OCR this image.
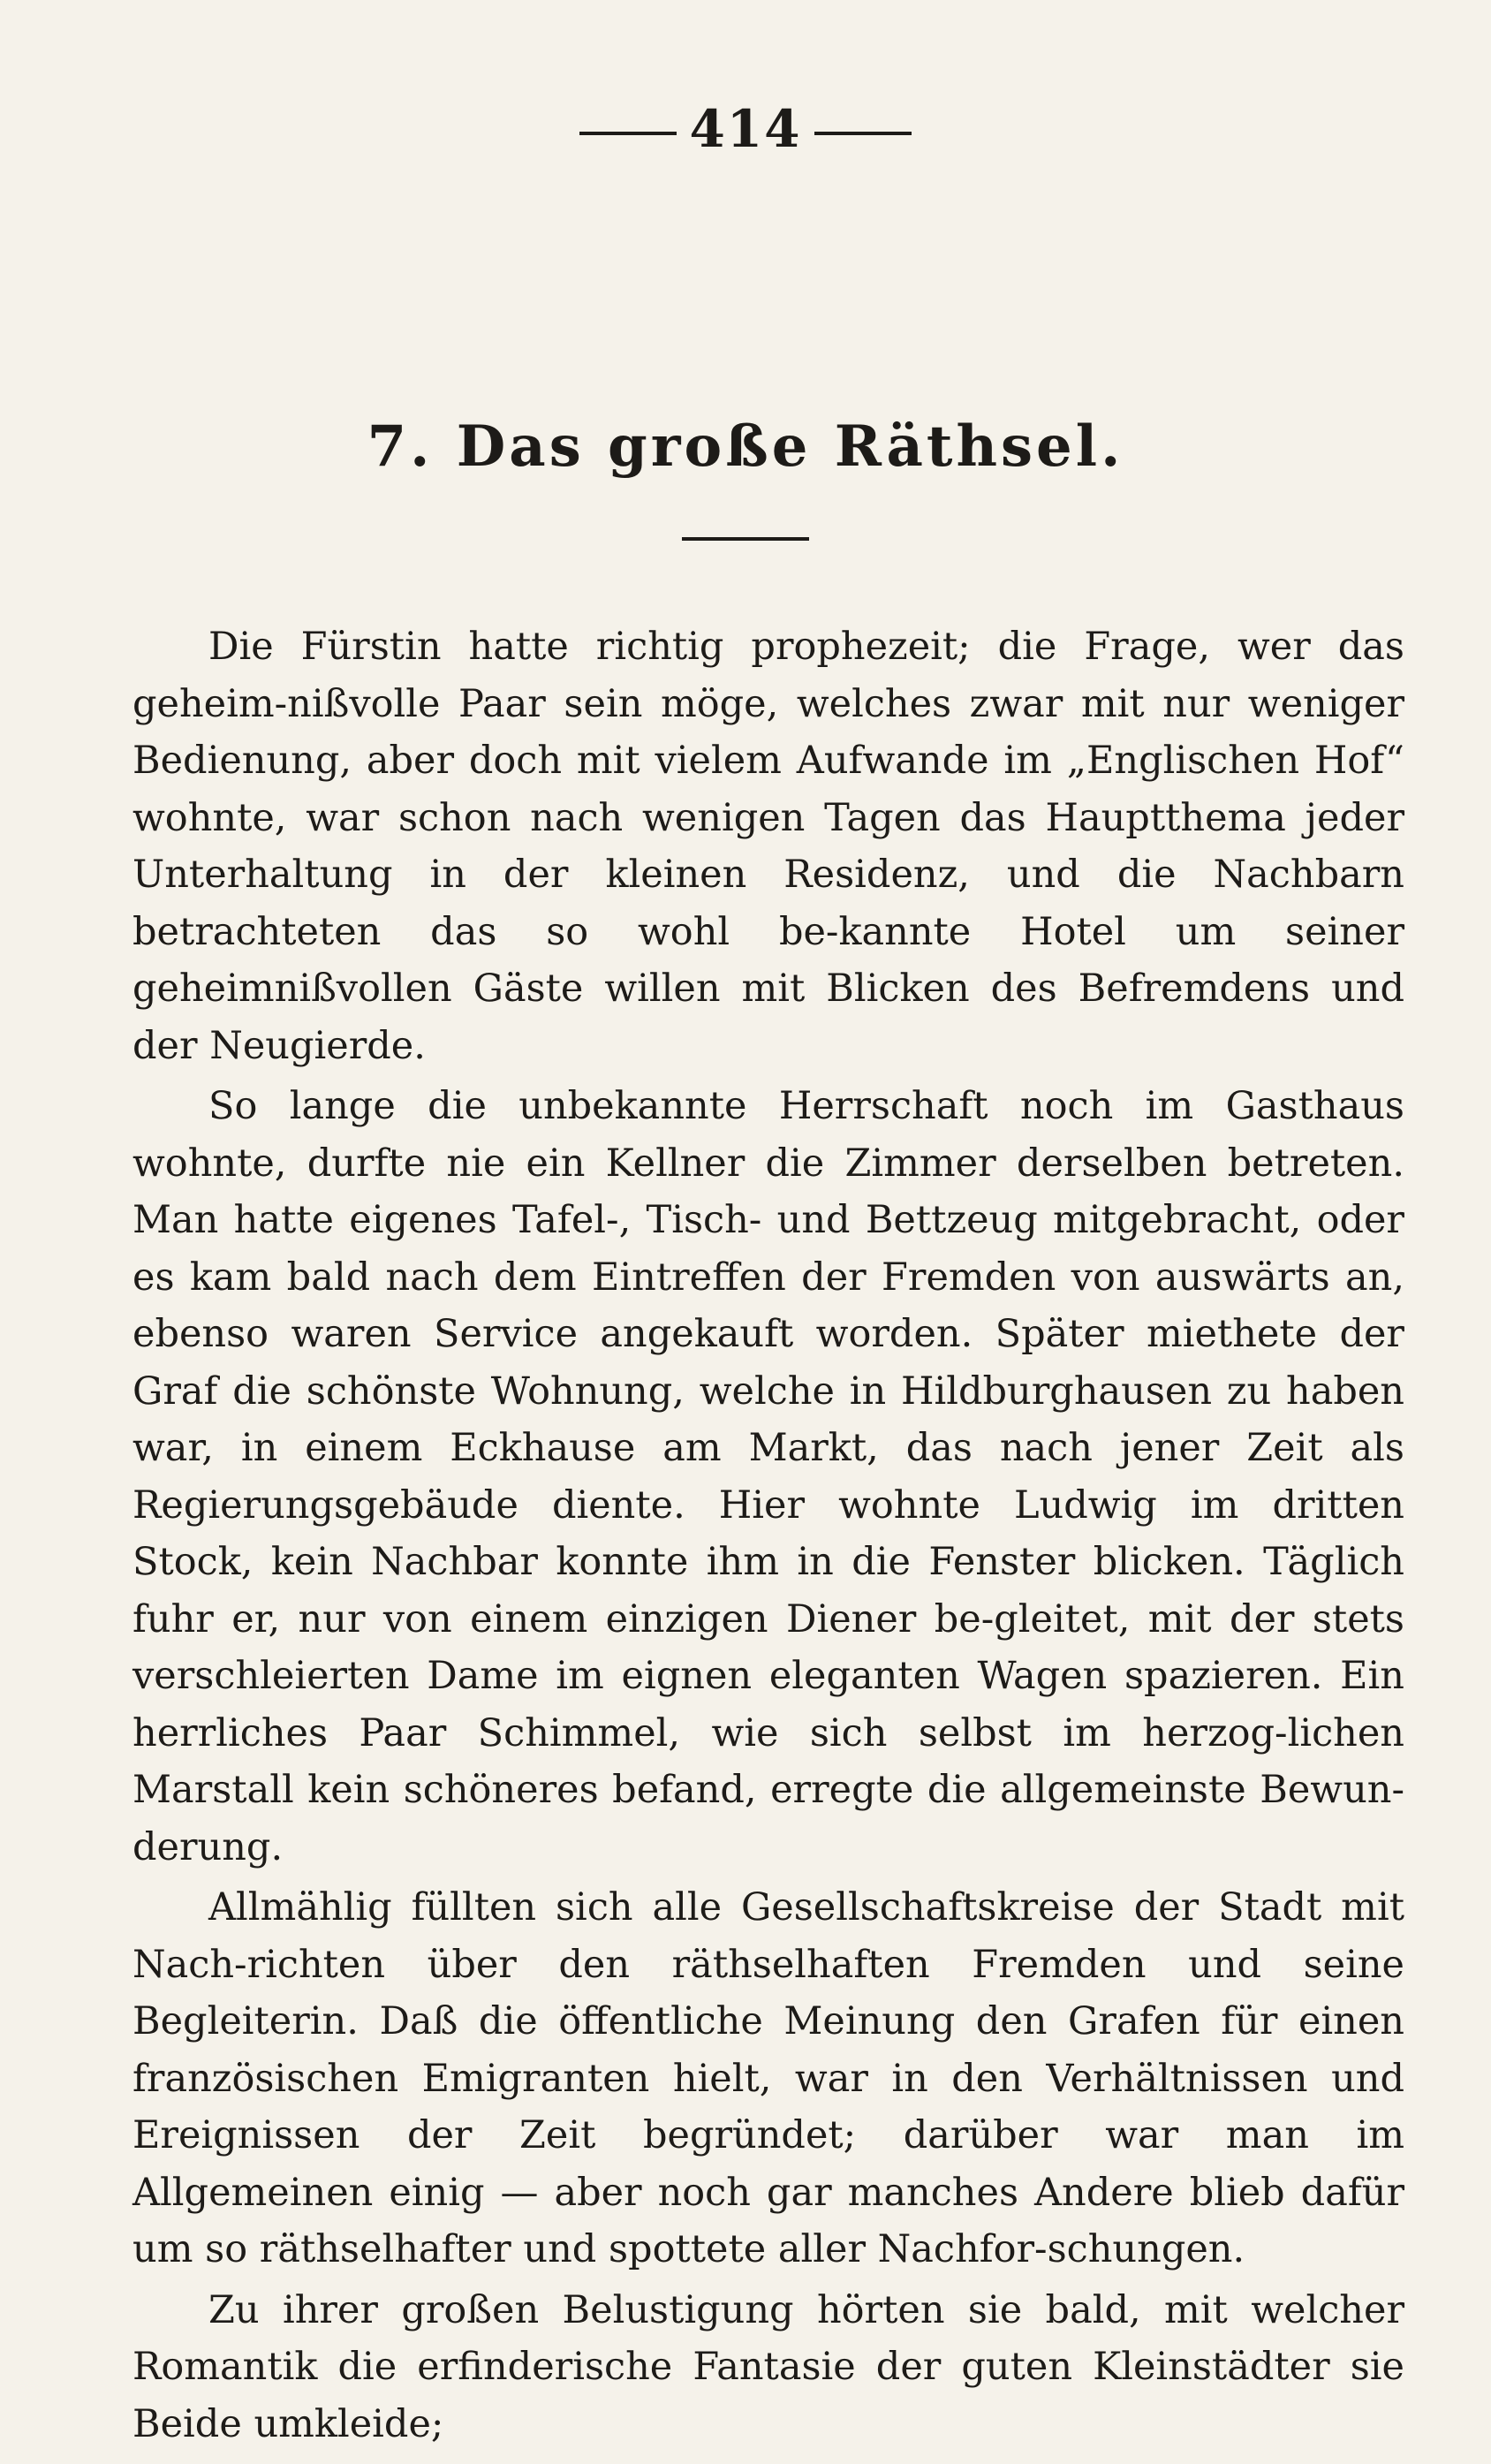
414
7. Das große Räthsel.

Die Fürstin hatte richtig prophezeit; die Frage, wer das geheim-nißvolle Paar sein möge, welches zwar mit nur weniger Bedienung, aber doch mit vielem Aufwande im „Englischen Hof“ wohnte, war schon nach wenigen Tagen das Hauptthema jeder Unterhaltung in der kleinen Residenz, und die Nachbarn betrachteten das so wohl be-kannte Hotel um seiner geheimnißvollen Gäste willen mit Blicken des Befremdens und der Neugierde.

So lange die unbekannte Herrschaft noch im Gasthaus wohnte, durfte nie ein Kellner die Zimmer derselben betreten. Man hatte eigenes Tafel-, Tisch- und Bettzeug mitgebracht, oder es kam bald nach dem Eintreffen der Fremden von auswärts an, ebenso waren Service angekauft worden. Später miethete der Graf die schönste Wohnung, welche in Hildburghausen zu haben war, in einem Eckhause am Markt, das nach jener Zeit als Regierungsgebäude diente. Hier wohnte Ludwig im dritten Stock, kein Nachbar konnte ihm in die Fenster blicken. Täglich fuhr er, nur von einem einzigen Diener be-gleitet, mit der stets verschleierten Dame im eignen eleganten Wagen spazieren. Ein herrliches Paar Schimmel, wie sich selbst im herzog-lichen Marstall kein schöneres befand, erregte die allgemeinste Bewun-derung.

Allmählig füllten sich alle Gesellschaftskreise der Stadt mit Nach-richten über den räthselhaften Fremden und seine Begleiterin. Daß die öffentliche Meinung den Grafen für einen französischen Emigranten hielt, war in den Verhältnissen und Ereignissen der Zeit begründet; darüber war man im Allgemeinen einig — aber noch gar manches Andere blieb dafür um so räthselhafter und spottete aller Nachfor-schungen.

Zu ihrer großen Belustigung hörten sie bald, mit welcher Romantik die erfinderische Fantasie der guten Kleinstädter sie Beide umkleide;
